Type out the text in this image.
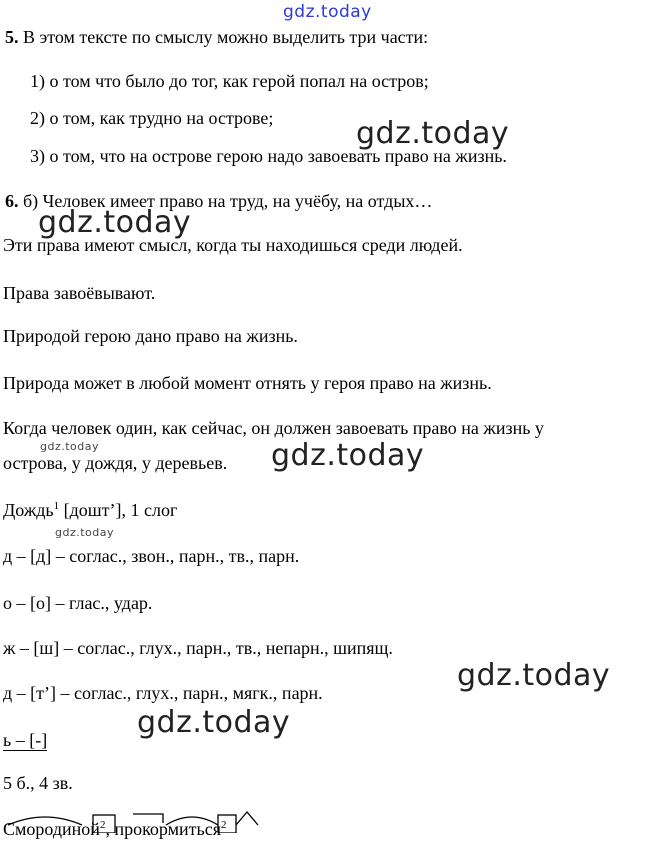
gdz.today
gdz.today
gdz.today
gdz.today	gdz.today
gdz.today
gdz.today
gdz.today
5. В этом тексте по смыслу можно выделить три части:
1) о том что было до тог, как герой попал на остров;
2) о том, как трудно на острове;
3) о том, что на острове герою надо завоевать право на жизнь.
6. б) Человек имеет право на труд, на учёбу, на отдых…
Эти права имеют смысл, когда ты находишься среди людей.
Права завоёвывают.
Природой герою дано право на жизнь.
Природа может в любой момент отнять у героя право на жизнь.
Когда человек один, как сейчас, он должен завоевать право на жизнь у
острова, у дождя, у деревьев.
Дождь$^1$ [дошт’], 1 слог
д – [д] – соглас., звон., парн., тв., парн.
о – [о] – глас., удар.
ж – [ш] – соглас., глух., парн., тв., непарн., шипящ.
д – [т’] – соглас., глух., парн., мягк., парн.
ь – [-]
5 б., 4 зв.
Смородиной$^2$, прокормиться$^2$
